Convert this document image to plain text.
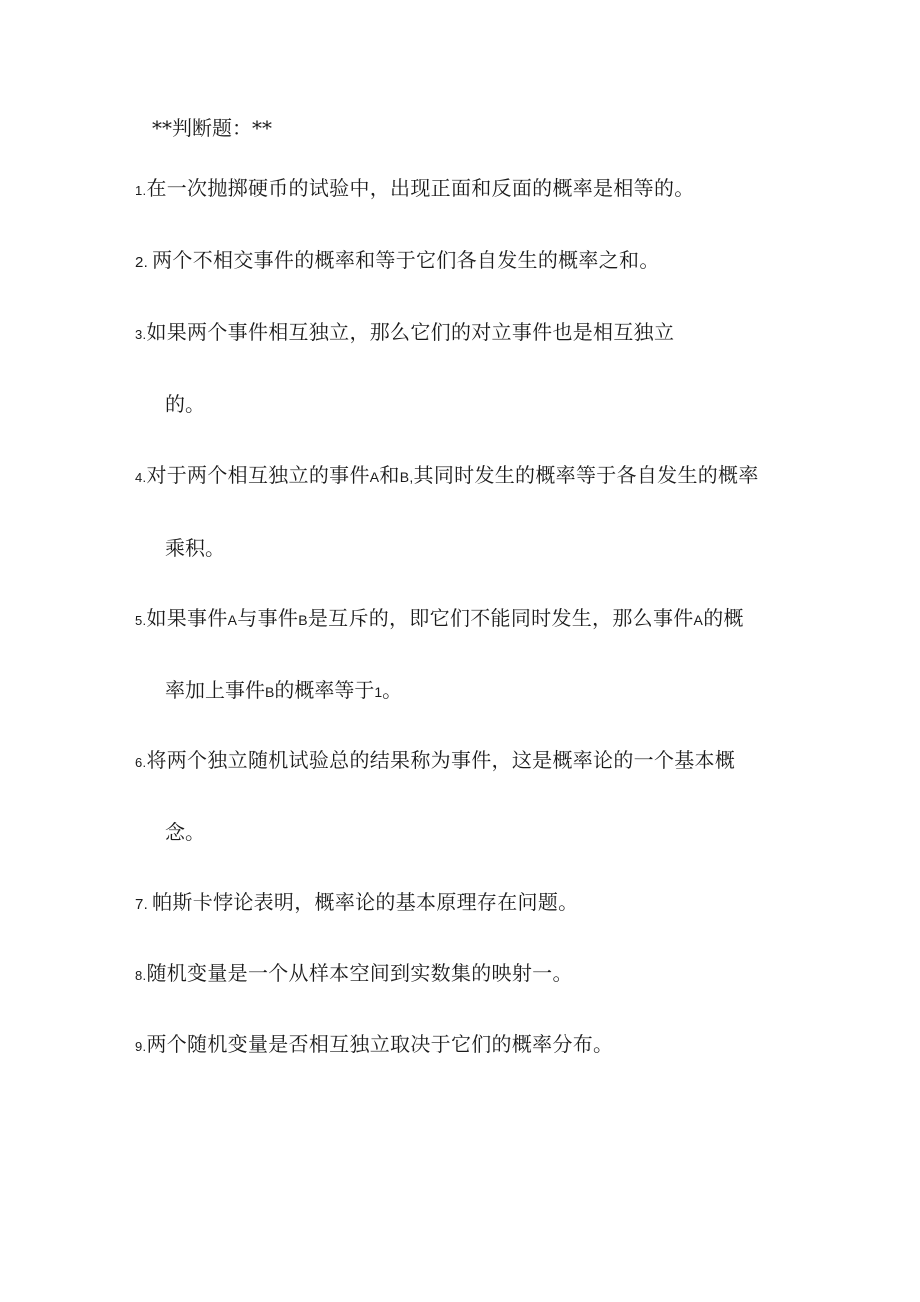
**判断题：**
1.在一次抛掷硬币的试验中，出现正面和反面的概率是相等的。
2. 两个不相交事件的概率和等于它们各自发生的概率之和。
3.如果两个事件相互独立，那么它们的对立事件也是相互独立
的。
4.对于两个相互独立的事件A和B,其同时发生的概率等于各自发生的概率
乘积。
5.如果事件A与事件B是互斥的，即它们不能同时发生，那么事件A的概
率加上事件B的概率等于1。
6.将两个独立随机试验总的结果称为事件，这是概率论的一个基本概
念。
7. 帕斯卡悖论表明，概率论的基本原理存在问题。
8.随机变量是一个从样本空间到实数集的映射一。
9.两个随机变量是否相互独立取决于它们的概率分布。
